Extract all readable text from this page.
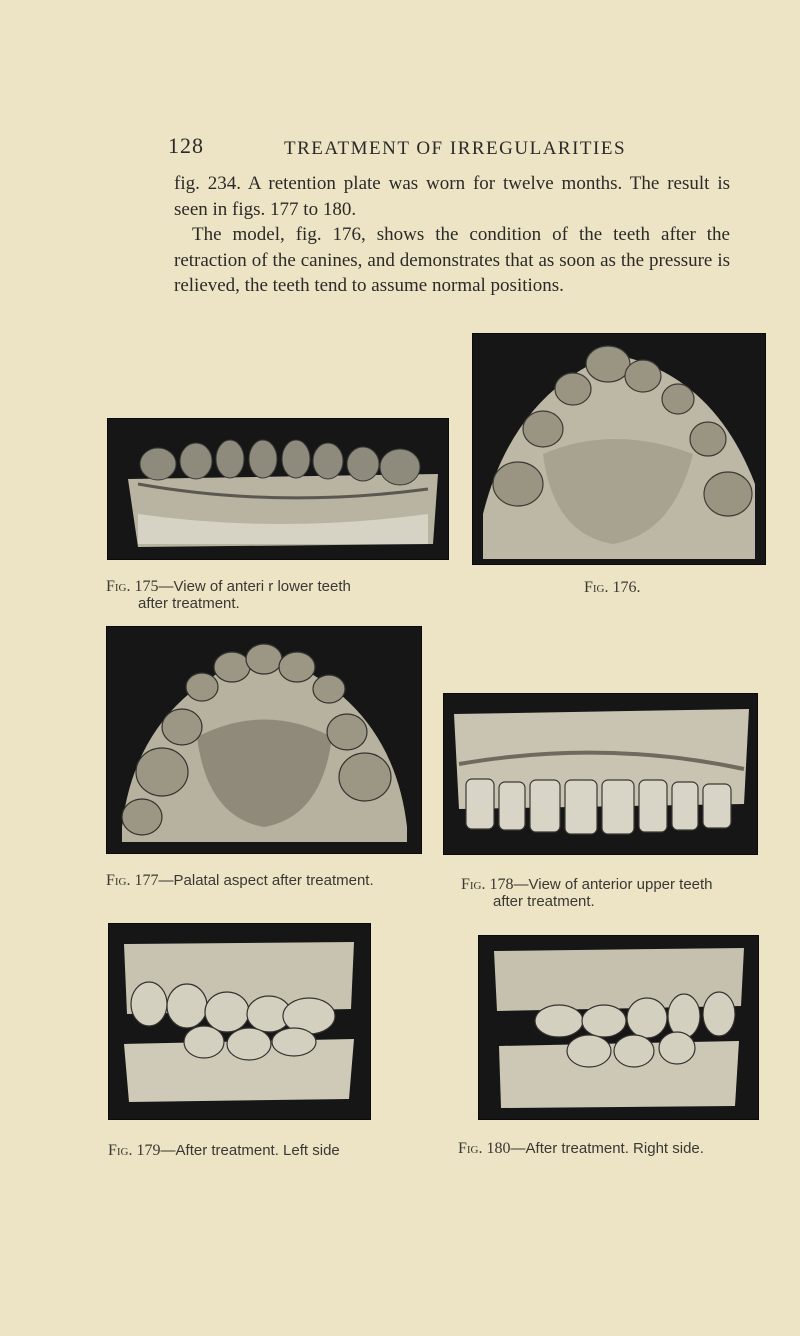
128	TREATMENT OF IRREGULARITIES

fig. 234. A retention plate was worn for twelve months. The result is seen in figs. 177 to 180.

The model, fig. 176, shows the condition of the teeth after the retraction of the canines, and demonstrates that as soon as the pressure is relieved, the teeth tend to assume normal positions.

Fig. 175—View of anteri r lower teeth
after treatment.
Fig. 176.
Fig. 177—Palatal aspect after treatment.	Fig. 178—View of anterior upper teeth
after treatment.
Fig. 179—After treatment. Left side	Fig. 180—After treatment. Right side.
